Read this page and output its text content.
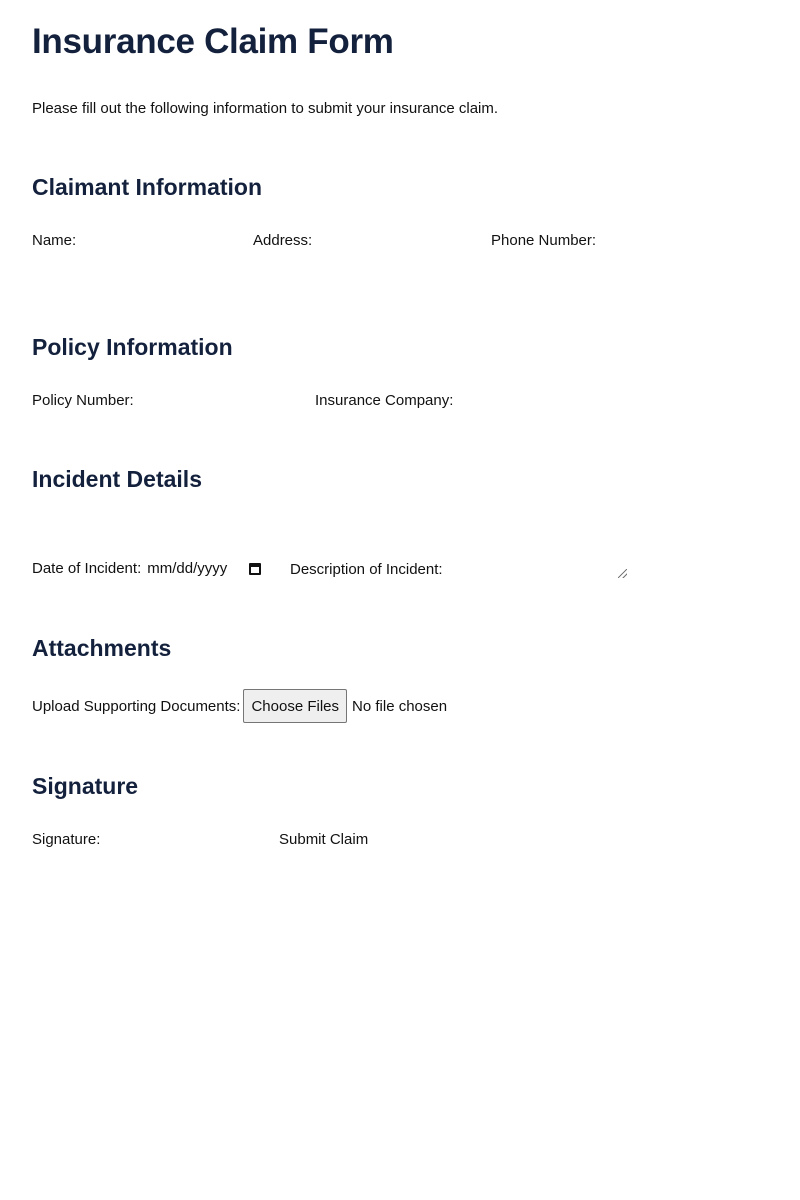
Insurance Claim Form

Please fill out the following information to submit your insurance claim.

Claimant Information
Name:	Address:	Phone Number:
Policy Information
Policy Number:	Insurance Company:
Incident Details
Date of Incident: mm/dd/yyyy	Description of Incident:
Attachments
Upload Supporting Documents: Choose Files No file chosen
Signature
Signature:	Submit Claim
